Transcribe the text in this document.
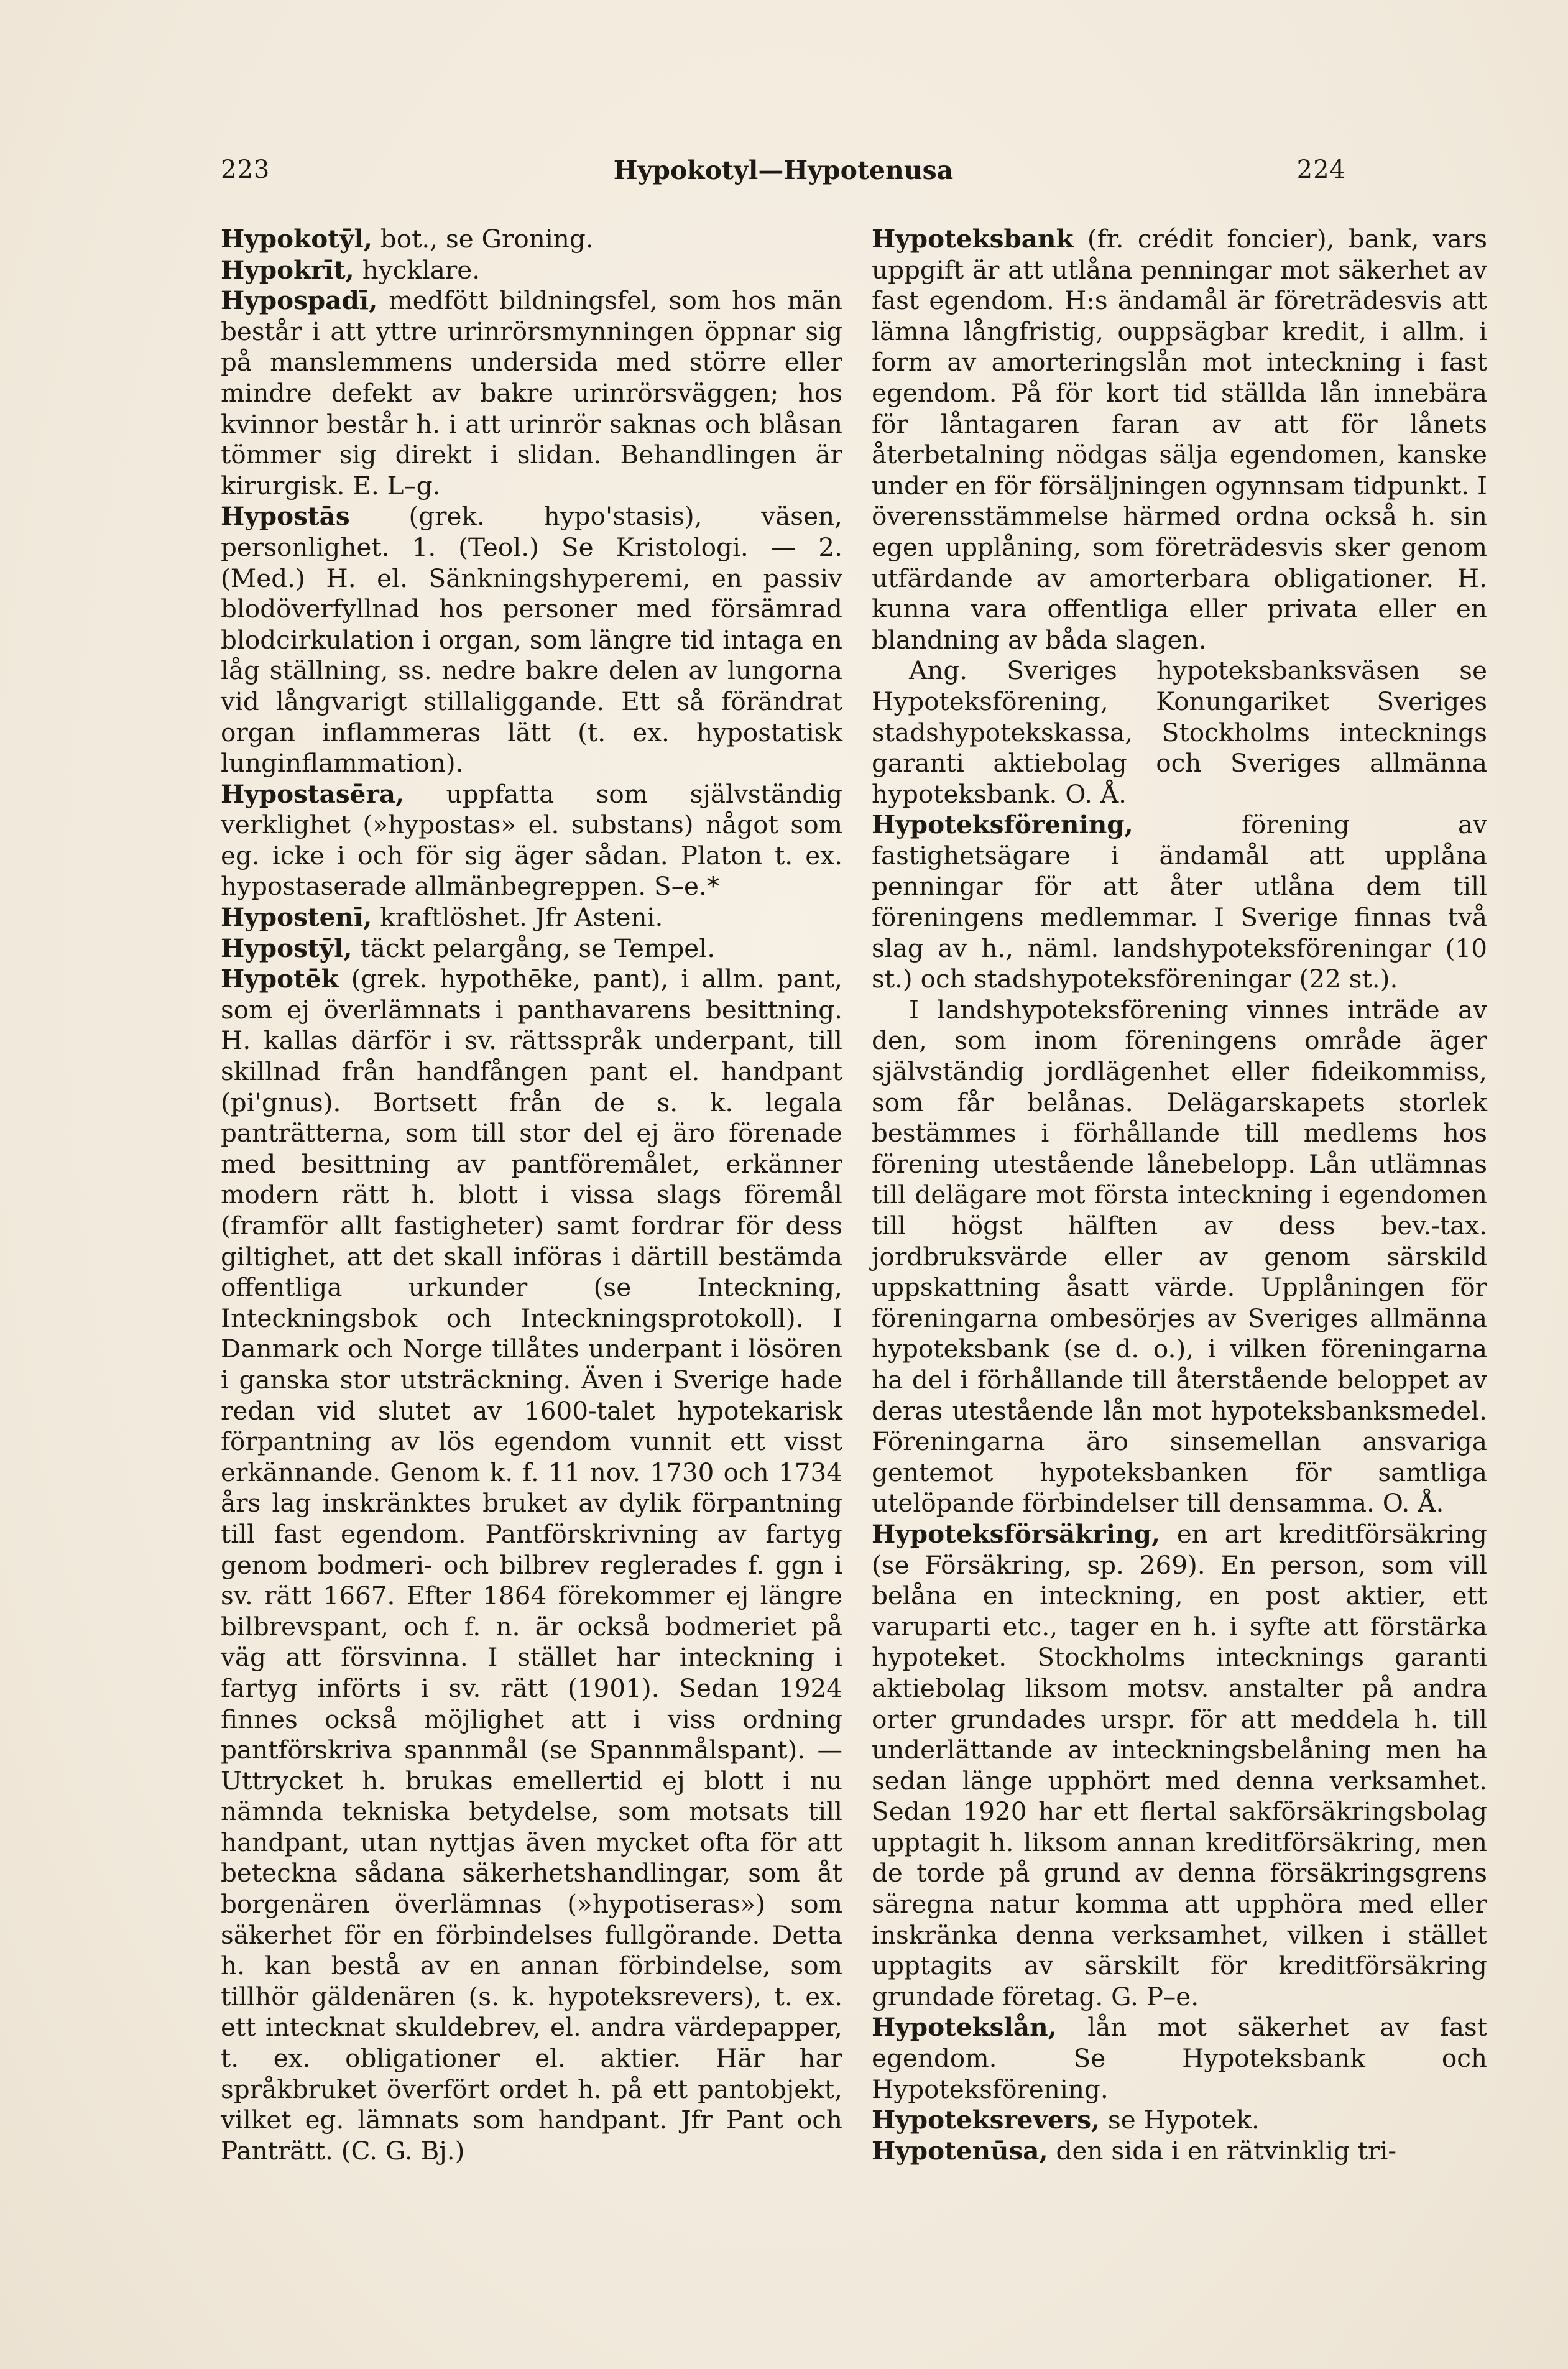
223	Hypokotyl—Hypotenusa	224

Hypokotȳl, bot., se Groning.

Hypokrīt, hycklare.

Hypospadī, medfött bildningsfel, som hos män består i att yttre urinrörsmynningen öppnar sig på manslemmens undersida med större eller mindre defekt av bakre urinrörsväggen; hos kvinnor består h. i att urinrör saknas och blåsan tömmer sig direkt i slidan. Behandlingen är kirurgisk. E. L–g.

Hypostās (grek. hypo'stasis), väsen, personlighet. 1. (Teol.) Se Kristologi. — 2. (Med.) H. el. Sänkningshyperemi, en passiv blodöverfyllnad hos personer med försämrad blodcirkulation i organ, som längre tid intaga en låg ställning, ss. nedre bakre delen av lungorna vid långvarigt stillaliggande. Ett så förändrat organ inflammeras lätt (t. ex. hypostatisk lunginflammation).

Hypostasēra, uppfatta som självständig verklighet (»hypostas» el. substans) något som eg. icke i och för sig äger sådan. Platon t. ex. hypostaserade allmänbegreppen. S–e.*

Hypostenī, kraftlöshet. Jfr Asteni.

Hypostȳl, täckt pelargång, se Tempel.

Hypotēk (grek. hypothēke, pant), i allm. pant, som ej överlämnats i panthavarens besittning. H. kallas därför i sv. rättsspråk underpant, till skillnad från handfången pant el. handpant (pi'gnus). Bortsett från de s. k. legala panträtterna, som till stor del ej äro förenade med besittning av pantföremålet, erkänner modern rätt h. blott i vissa slags föremål (framför allt fastigheter) samt fordrar för dess giltighet, att det skall införas i därtill bestämda offentliga urkunder (se Inteckning, Inteckningsbok och Inteckningsprotokoll). I Danmark och Norge tillåtes underpant i lösören i ganska stor utsträckning. Även i Sverige hade redan vid slutet av 1600-talet hypotekarisk förpantning av lös egendom vunnit ett visst erkännande. Genom k. f. 11 nov. 1730 och 1734 års lag inskränktes bruket av dylik förpantning till fast egendom. Pantförskrivning av fartyg genom bodmeri- och bilbrev reglerades f. ggn i sv. rätt 1667. Efter 1864 förekommer ej längre bilbrevspant, och f. n. är också bodmeriet på väg att försvinna. I stället har inteckning i fartyg införts i sv. rätt (1901). Sedan 1924 finnes också möjlighet att i viss ordning pantförskriva spannmål (se Spannmålspant). — Uttrycket h. brukas emellertid ej blott i nu nämnda tekniska betydelse, som motsats till handpant, utan nyttjas även mycket ofta för att beteckna sådana säkerhetshandlingar, som åt borgenären överlämnas (»hypotiseras») som säkerhet för en förbindelses fullgörande. Detta h. kan bestå av en annan förbindelse, som tillhör gäldenären (s. k. hypoteksrevers), t. ex. ett intecknat skuldebrev, el. andra värdepapper, t. ex. obligationer el. aktier. Här har språkbruket överfört ordet h. på ett pantobjekt, vilket eg. lämnats som handpant. Jfr Pant och Panträtt. (C. G. Bj.)

Hypoteksbank (fr. crédit foncier), bank, vars uppgift är att utlåna penningar mot säkerhet av fast egendom. H:s ändamål är företrädesvis att lämna långfristig, ouppsägbar kredit, i allm. i form av amorteringslån mot inteckning i fast egendom. På för kort tid ställda lån innebära för låntagaren faran av att för lånets återbetalning nödgas sälja egendomen, kanske under en för försäljningen ogynnsam tidpunkt. I överensstämmelse härmed ordna också h. sin egen upplåning, som företrädesvis sker genom utfärdande av amorterbara obligationer. H. kunna vara offentliga eller privata eller en blandning av båda slagen.

Ang. Sveriges hypoteksbanksväsen se Hypoteksförening, Konungariket Sveriges stadshypotekskassa, Stockholms intecknings garanti aktiebolag och Sveriges allmänna hypoteksbank. O. Å.

Hypoteksförening, förening av fastighetsägare i ändamål att upplåna penningar för att åter utlåna dem till föreningens medlemmar. I Sverige finnas två slag av h., näml. landshypoteksföreningar (10 st.) och stadshypoteksföreningar (22 st.).

I landshypoteksförening vinnes inträde av den, som inom föreningens område äger självständig jordlägenhet eller fideikommiss, som får belånas. Delägarskapets storlek bestämmes i förhållande till medlems hos förening utestående lånebelopp. Lån utlämnas till delägare mot första inteckning i egendomen till högst hälften av dess bev.-tax. jordbruksvärde eller av genom särskild uppskattning åsatt värde. Upplåningen för föreningarna ombesörjes av Sveriges allmänna hypoteksbank (se d. o.), i vilken föreningarna ha del i förhållande till återstående beloppet av deras utestående lån mot hypoteksbanksmedel. Föreningarna äro sinsemellan ansvariga gentemot hypoteksbanken för samtliga utelöpande förbindelser till densamma. O. Å.

Hypoteksförsäkring, en art kreditförsäkring (se Försäkring, sp. 269). En person, som vill belåna en inteckning, en post aktier, ett varuparti etc., tager en h. i syfte att förstärka hypoteket. Stockholms intecknings garanti aktiebolag liksom motsv. anstalter på andra orter grundades urspr. för att meddela h. till underlättande av inteckningsbelåning men ha sedan länge upphört med denna verksamhet. Sedan 1920 har ett flertal sakförsäkringsbolag upptagit h. liksom annan kreditförsäkring, men de torde på grund av denna försäkringsgrens säregna natur komma att upphöra med eller inskränka denna verksamhet, vilken i stället upptagits av särskilt för kreditförsäkring grundade företag. G. P–e.

Hypotekslån, lån mot säkerhet av fast egendom. Se Hypoteksbank och Hypoteksförening.

Hypoteksrevers, se Hypotek.

Hypotenūsa, den sida i en rätvinklig tri-
